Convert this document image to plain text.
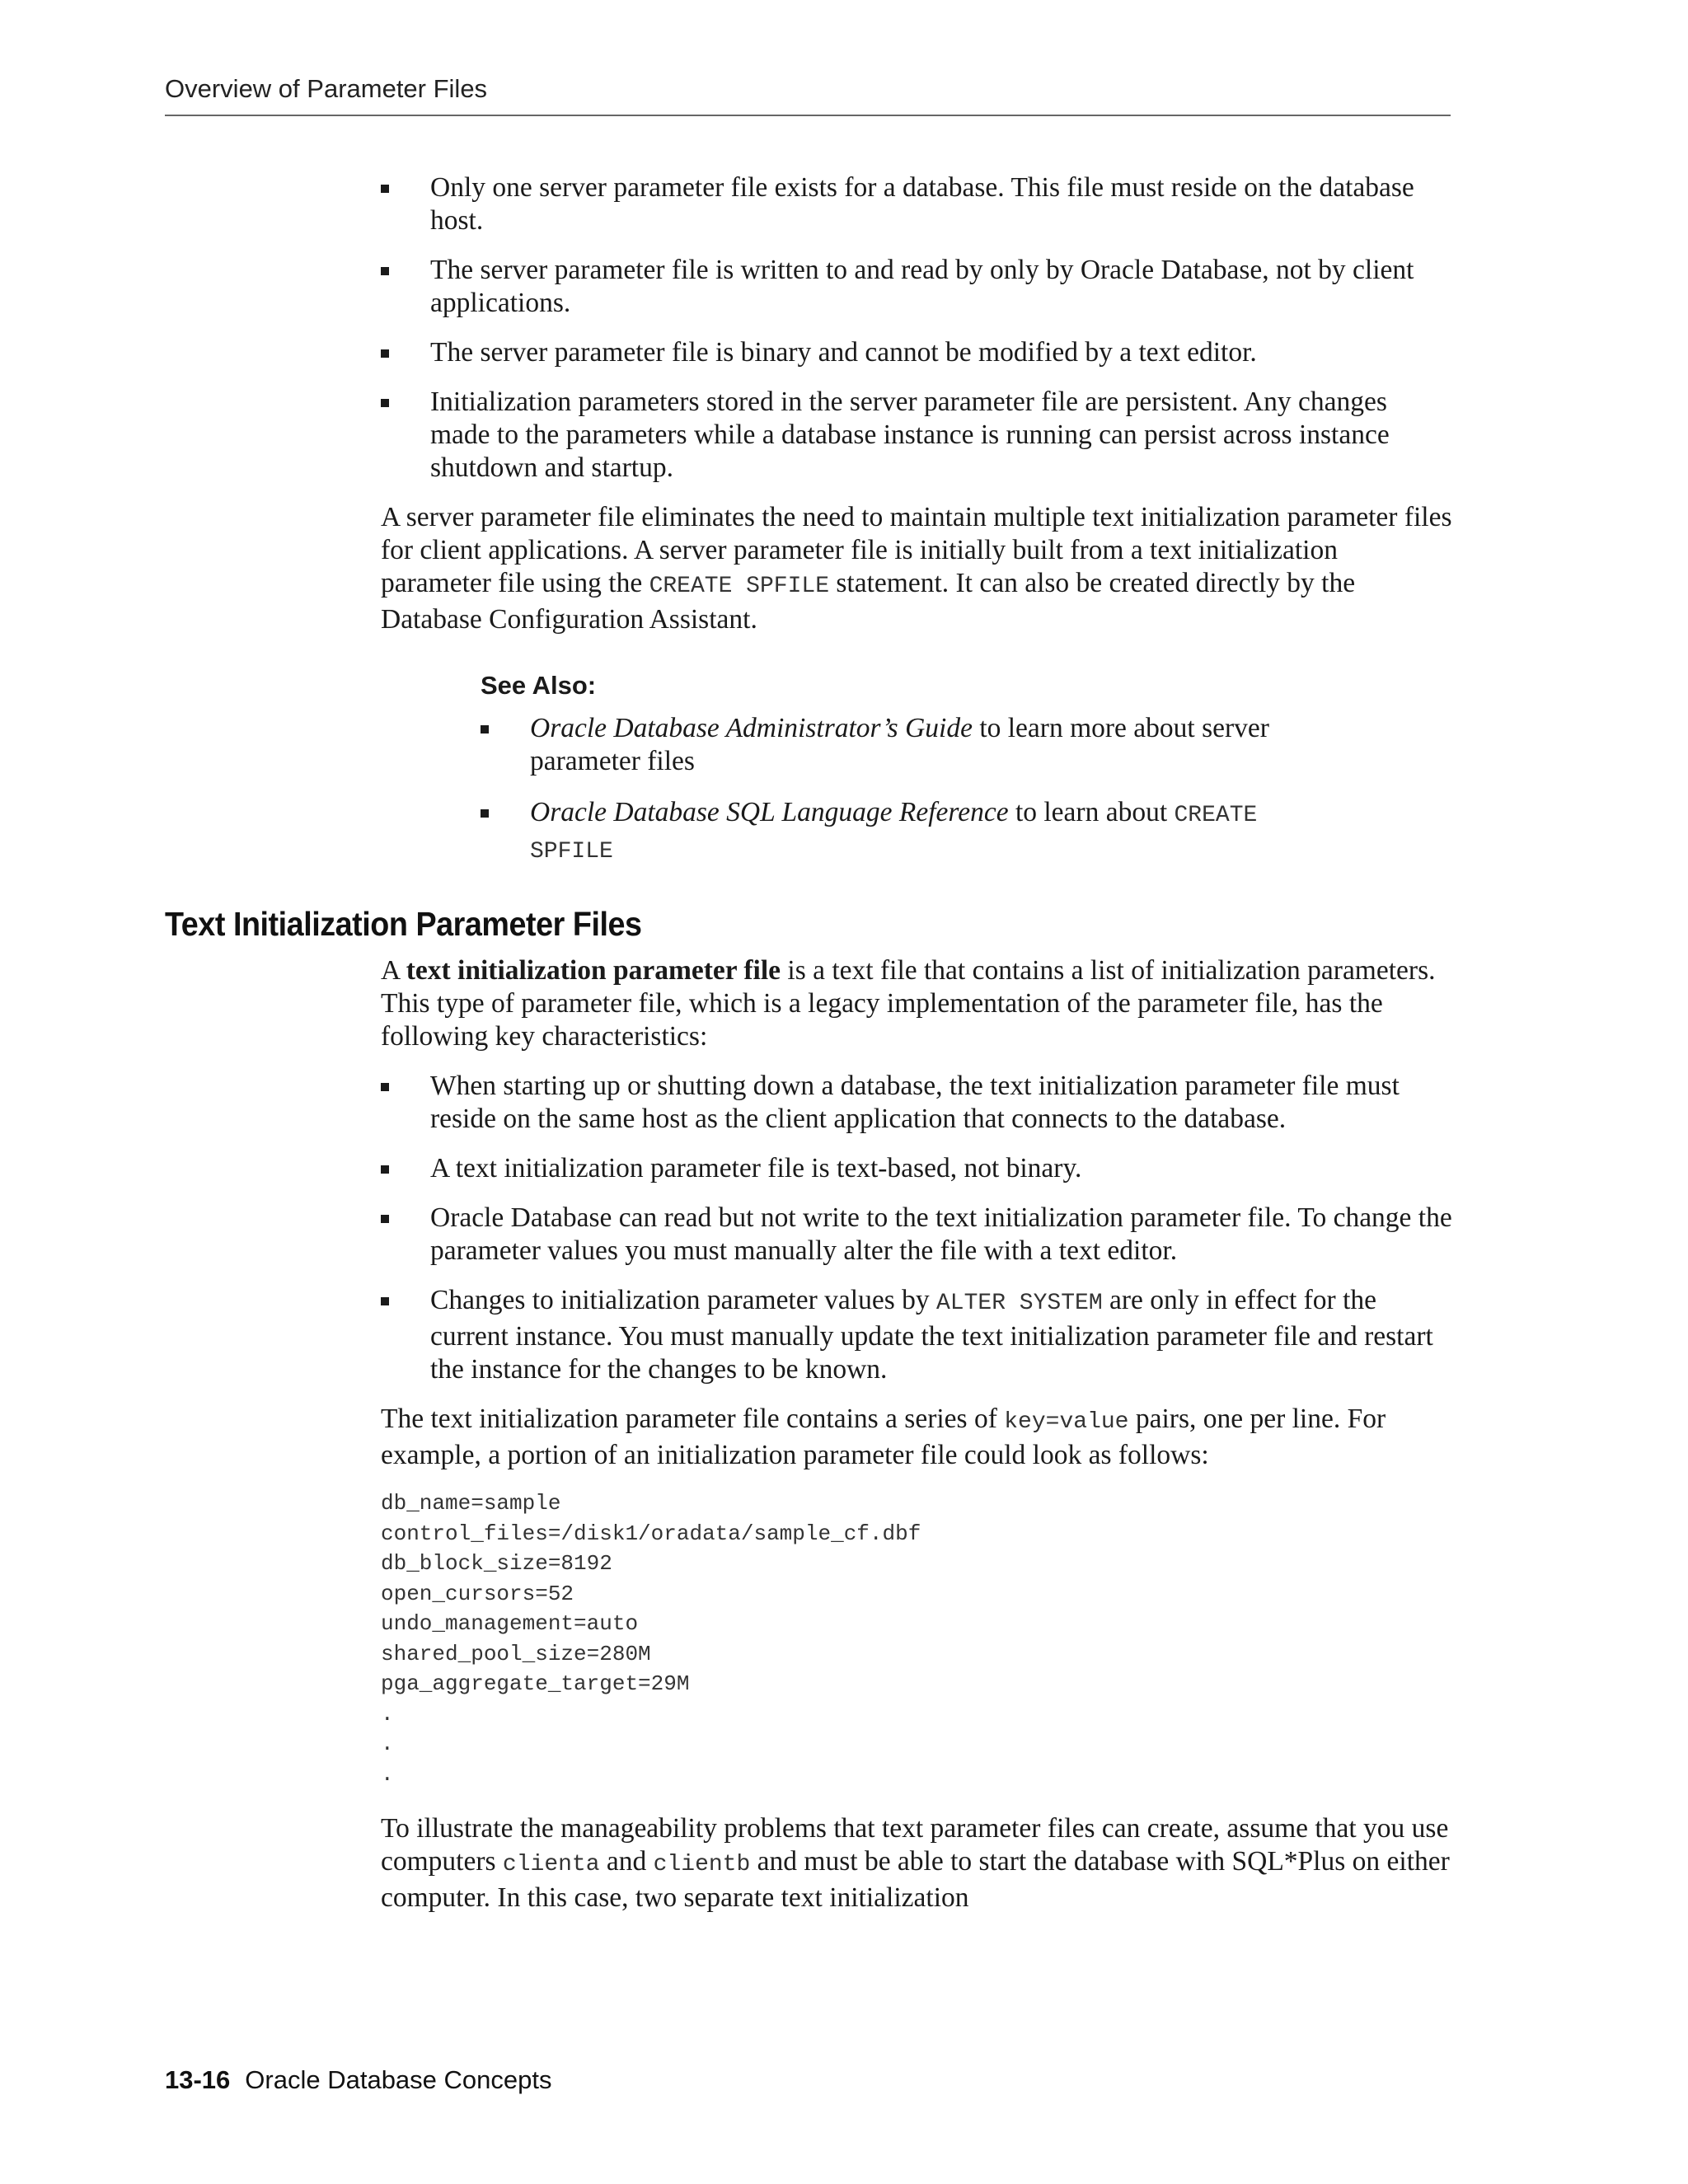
Overview of Parameter Files
Only one server parameter file exists for a database. This file must reside on the database host.
The server parameter file is written to and read by only by Oracle Database, not by client applications.
The server parameter file is binary and cannot be modified by a text editor.
Initialization parameters stored in the server parameter file are persistent. Any changes made to the parameters while a database instance is running can persist across instance shutdown and startup.

A server parameter file eliminates the need to maintain multiple text initialization parameter files for client applications. A server parameter file is initially built from a text initialization parameter file using the CREATE SPFILE statement. It can also be created directly by the Database Configuration Assistant.

See Also:
Oracle Database Administrator’s Guide to learn more about server parameter files
Oracle Database SQL Language Reference to learn about CREATE SPFILE
Text Initialization Parameter Files

A text initialization parameter file is a text file that contains a list of initialization parameters. This type of parameter file, which is a legacy implementation of the parameter file, has the following key characteristics:

When starting up or shutting down a database, the text initialization parameter file must reside on the same host as the client application that connects to the database.
A text initialization parameter file is text-based, not binary.
Oracle Database can read but not write to the text initialization parameter file. To change the parameter values you must manually alter the file with a text editor.
Changes to initialization parameter values by ALTER SYSTEM are only in effect for the current instance. You must manually update the text initialization parameter file and restart the instance for the changes to be known.

The text initialization parameter file contains a series of key=value pairs, one per line. For example, a portion of an initialization parameter file could look as follows:

db_name=sample
control_files=/disk1/oradata/sample_cf.dbf
db_block_size=8192
open_cursors=52
undo_management=auto
shared_pool_size=280M
pga_aggregate_target=29M
.
.
.

To illustrate the manageability problems that text parameter files can create, assume that you use computers clienta and clientb and must be able to start the database with SQL*Plus on either computer. In this case, two separate text initialization

13-16 Oracle Database Concepts
